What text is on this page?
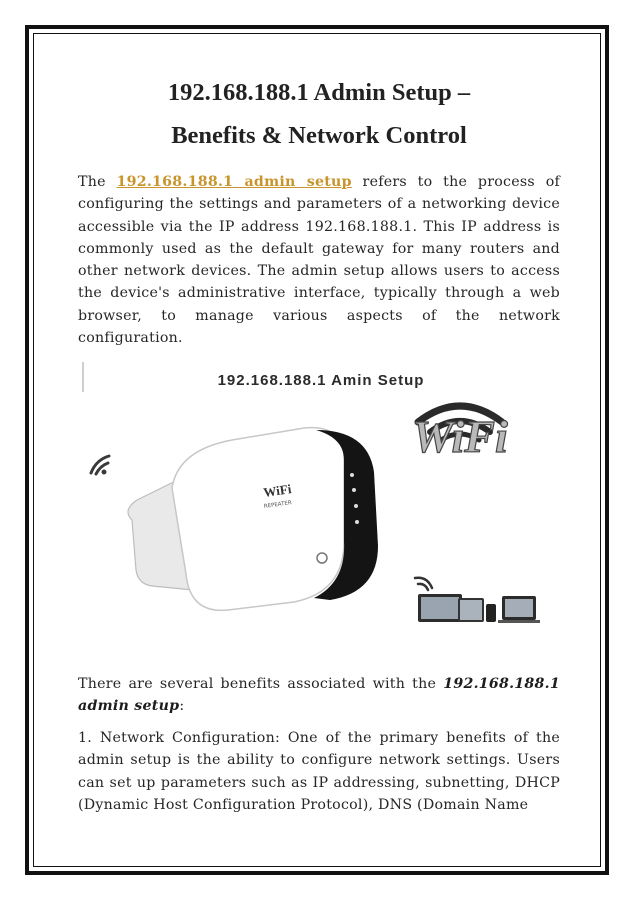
192.168.188.1 Admin Setup –
Benefits & Network Control

The 192.168.188.1 admin setup refers to the process of configuring the settings and parameters of a networking device accessible via the IP address 192.168.188.1. This IP address is commonly used as the default gateway for many routers and other network devices. The admin setup allows users to access the device's administrative interface, typically through a web browser, to manage various aspects of the network configuration.

WiFi
WiFi
REPEATER

192.168.188.1 Amin Setup

There are several benefits associated with the 192.168.188.1 admin setup:

1. Network Configuration: One of the primary benefits of the admin setup is the ability to configure network settings. Users can set up parameters such as IP addressing, subnetting, DHCP (Dynamic Host Configuration Protocol), DNS (Domain Name
